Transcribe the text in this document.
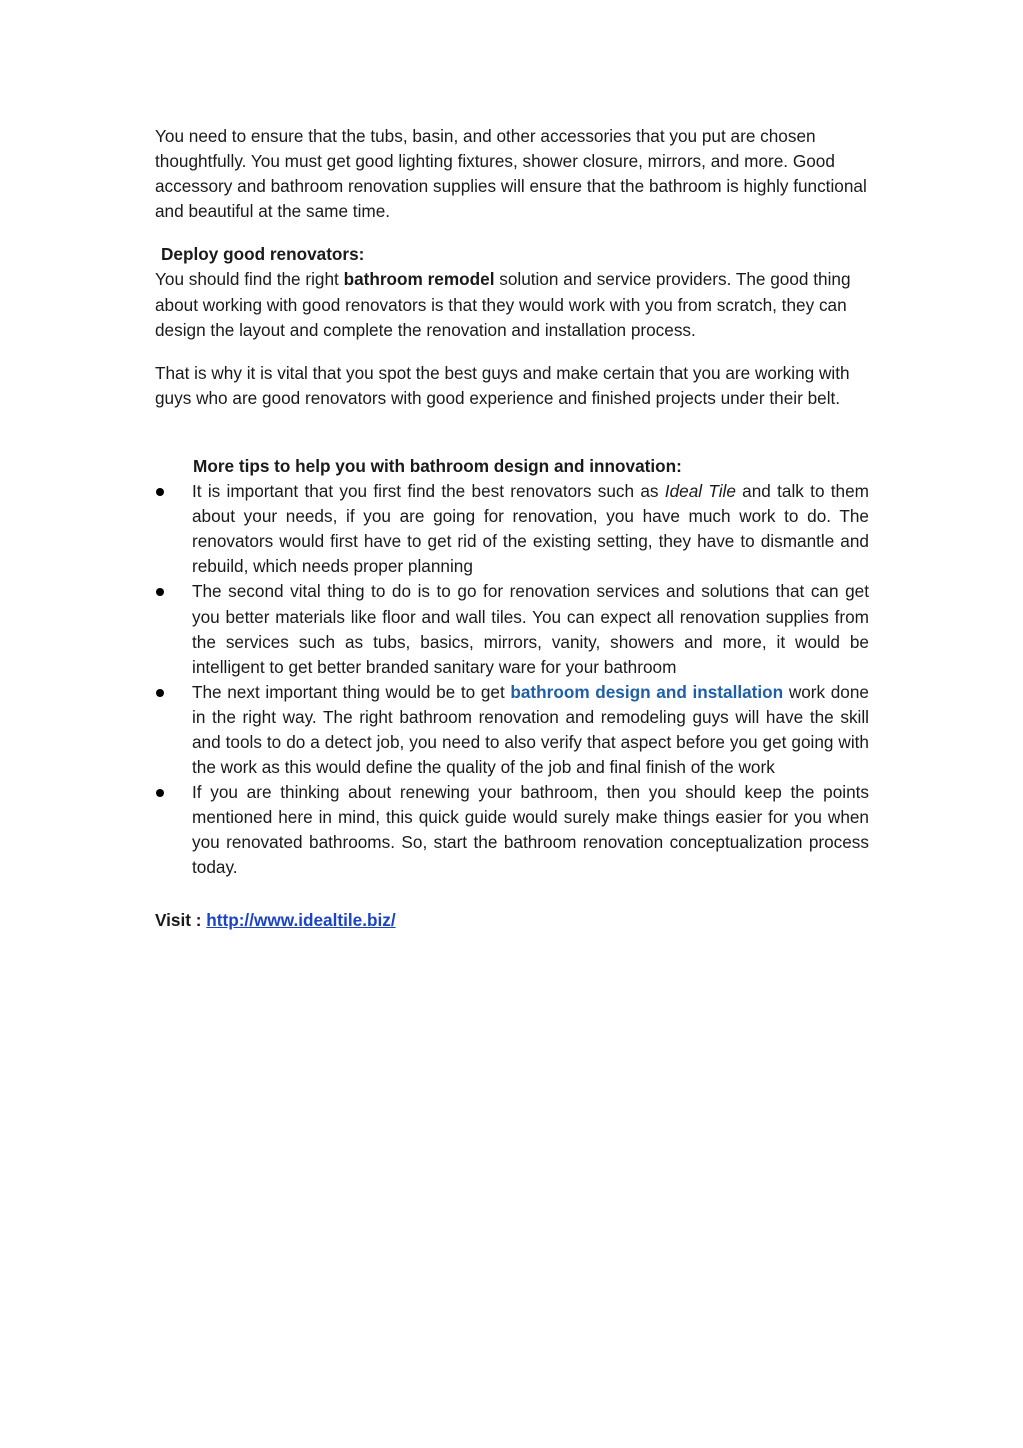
You need to ensure that the tubs, basin, and other accessories that you put are chosen thoughtfully. You must get good lighting fixtures, shower closure, mirrors, and more. Good accessory and bathroom renovation supplies will ensure that the bathroom is highly functional and beautiful at the same time.

Deploy good renovators:

You should find the right bathroom remodel solution and service providers. The good thing about working with good renovators is that they would work with you from scratch, they can design the layout and complete the renovation and installation process.

That is why it is vital that you spot the best guys and make certain that you are working with guys who are good renovators with good experience and finished projects under their belt.

More tips to help you with bathroom design and innovation:

It is important that you first find the best renovators such as Ideal Tile and talk to them about your needs, if you are going for renovation, you have much work to do. The renovators would first have to get rid of the existing setting, they have to dismantle and rebuild, which needs proper planning
The second vital thing to do is to go for renovation services and solutions that can get you better materials like floor and wall tiles. You can expect all renovation supplies from the services such as tubs, basics, mirrors, vanity, showers and more, it would be intelligent to get better branded sanitary ware for your bathroom
The next important thing would be to get bathroom design and installation work done in the right way. The right bathroom renovation and remodeling guys will have the skill and tools to do a detect job, you need to also verify that aspect before you get going with the work as this would define the quality of the job and final finish of the work
If you are thinking about renewing your bathroom, then you should keep the points mentioned here in mind, this quick guide would surely make things easier for you when you renovated bathrooms. So, start the bathroom renovation conceptualization process today.

Visit : http://www.idealtile.biz/
